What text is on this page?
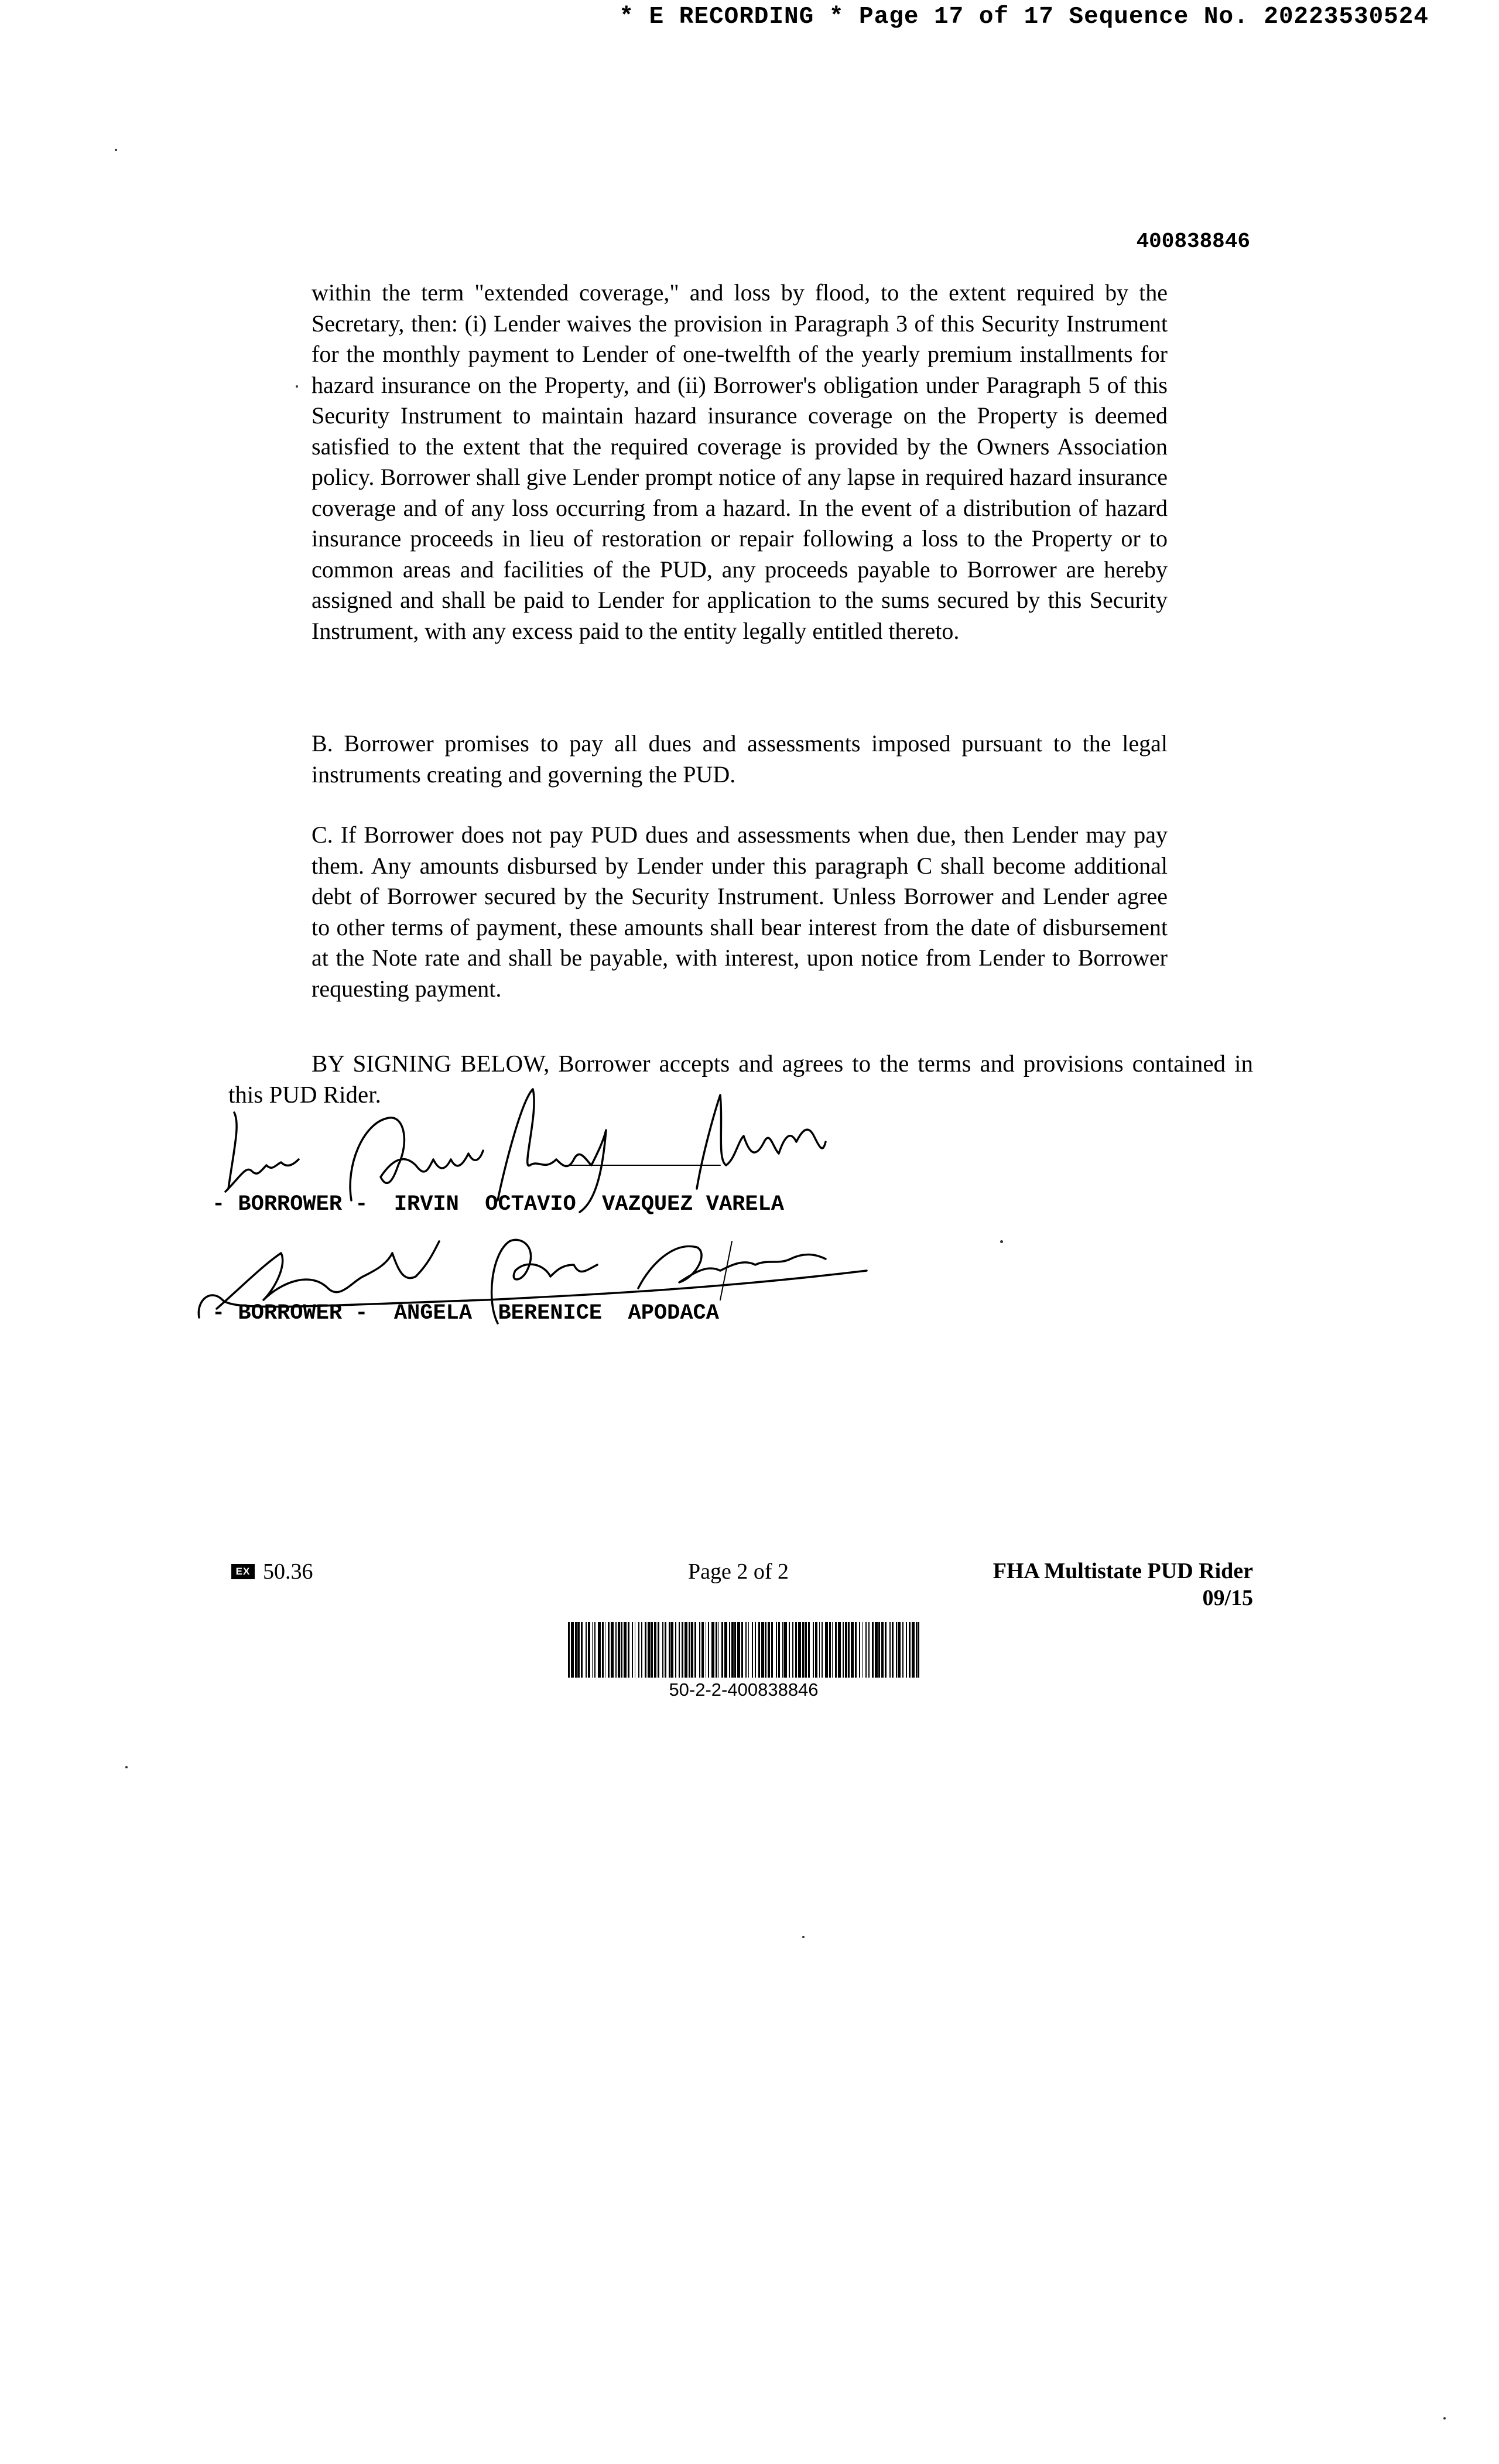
* E RECORDING * Page 17 of 17 Sequence No. 20223530524
400838846
within the term "extended coverage," and loss by flood, to the extent required by the Secretary, then: (i) Lender waives the provision in Paragraph 3 of this Security Instrument for the monthly payment to Lender of one-twelfth of the yearly premium installments for hazard insurance on the Property, and (ii) Borrower's obligation under Paragraph 5 of this Security Instrument to maintain hazard insurance coverage on the Property is deemed satisfied to the extent that the required coverage is provided by the Owners Association policy. Borrower shall give Lender prompt notice of any lapse in required hazard insurance coverage and of any loss occurring from a hazard. In the event of a distribution of hazard insurance proceeds in lieu of restoration or repair following a loss to the Property or to common areas and facilities of the PUD, any proceeds payable to Borrower are hereby assigned and shall be paid to Lender for application to the sums secured by this Security Instrument, with any excess paid to the entity legally entitled thereto.
B. Borrower promises to pay all dues and assessments imposed pursuant to the legal instruments creating and governing the PUD.
C. If Borrower does not pay PUD dues and assessments when due, then Lender may pay them. Any amounts disbursed by Lender under this paragraph C shall become additional debt of Borrower secured by the Security Instrument. Unless Borrower and Lender agree to other terms of payment, these amounts shall bear interest from the date of disbursement at the Note rate and shall be payable, with interest, upon notice from Lender to Borrower requesting payment.
BY SIGNING BELOW, Borrower accepts and agrees to the terms and provisions contained in this PUD Rider.
- BORROWER -  IRVIN  OCTAVIO  VAZQUEZ VARELA
- BORROWER -  ANGELA  BERENICE  APODACA
EX 50.36	Page 2 of 2	FHA Multistate PUD Rider
09/15
50-2-2-400838846
